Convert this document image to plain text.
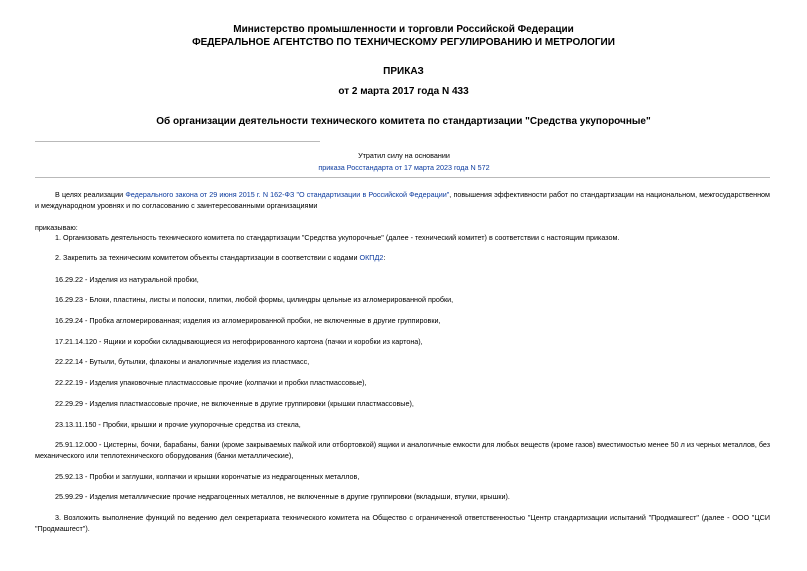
Министерство промышленности и торговли Российской Федерации
ФЕДЕРАЛЬНОЕ АГЕНТСТВО ПО ТЕХНИЧЕСКОМУ РЕГУЛИРОВАНИЮ И МЕТРОЛОГИИ
ПРИКАЗ
от 2 марта 2017 года N 433
Об организации деятельности технического комитета по стандартизации "Средства укупорочные"
Утратил силу на основании
приказа Росстандарта от 17 марта 2023 года N 572
В целях реализации Федерального закона от 29 июня 2015 г. N 162-ФЗ "О стандартизации в Российской Федерации", повышения эффективности работ по стандартизации на национальном, межгосударственном и международном уровнях и по согласованию с заинтересованными организациями
приказываю:
1. Организовать деятельность технического комитета по стандартизации "Средства укупорочные" (далее - технический комитет) в соответствии с настоящим приказом.
2. Закрепить за техническим комитетом объекты стандартизации в соответствии с кодами ОКПД2:
16.29.22 - Изделия из натуральной пробки,
16.29.23 - Блоки, пластины, листы и полоски, плитки, любой формы, цилиндры цельные из агломерированной пробки,
16.29.24 - Пробка агломерированная; изделия из агломерированной пробки, не включенные в другие группировки,
17.21.14.120 - Ящики и коробки складывающиеся из негофрированного картона (пачки и коробки из картона),
22.22.14 - Бутыли, бутылки, флаконы и аналогичные изделия из пластмасс,
22.22.19 - Изделия упаковочные пластмассовые прочие (колпачки и пробки пластмассовые),
22.29.29 - Изделия пластмассовые прочие, не включенные в другие группировки (крышки пластмассовые),
23.13.11.150 - Пробки, крышки и прочие укупорочные средства из стекла,
25.91.12.000 - Цистерны, бочки, барабаны, банки (кроме закрываемых пайкой или отбортовкой) ящики и аналогичные емкости для любых веществ (кроме газов) вместимостью менее 50 л из черных металлов, без механического или теплотехнического оборудования (банки металлические),
25.92.13 - Пробки и заглушки, колпачки и крышки корончатые из недрагоценных металлов,
25.99.29 - Изделия металлические прочие недрагоценных металлов, не включенные в другие группировки (вкладыши, втулки, крышки).
3. Возложить выполнение функций по ведению дел секретариата технического комитета на Общество с ограниченной ответственностью "Центр стандартизации испытаний "Продмашгест" (далее - ООО "ЦСИ "Продмашгест").
